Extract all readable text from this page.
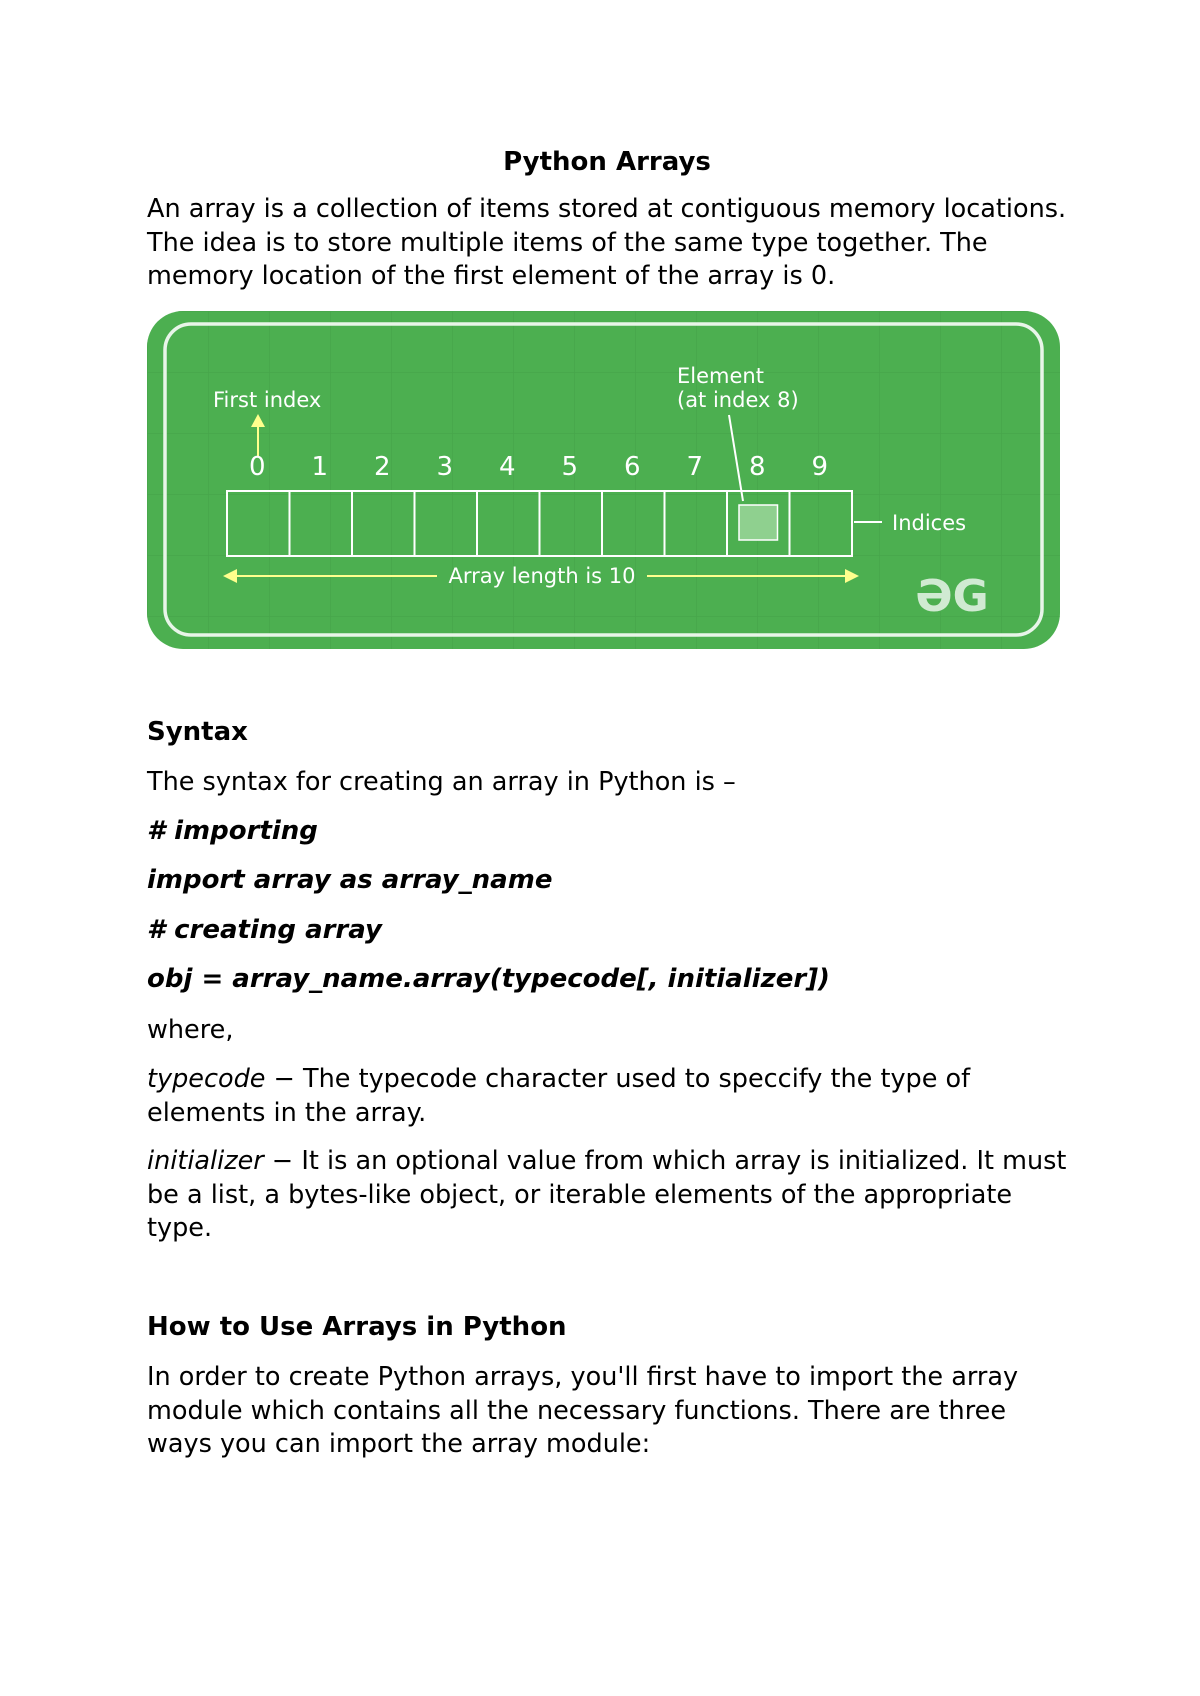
Python Arrays

An array is a collection of items stored at contiguous memory locations. The idea is to store multiple items of the same type together. The memory location of the first element of the array is 0.

First index
Element
(at index 8)
0 1 2 3 4 5 6 7 8 9
Indices
Array length is 10	ƏG

Syntax

The syntax for creating an array in Python is –

# importing

import array as array_name

# creating array

obj = array_name.array(typecode[, initializer])

where,

typecode − The typecode character used to speccify the type of elements in the array.

initializer − It is an optional value from which array is initialized. It must be a list, a bytes-like object, or iterable elements of the appropriate type.

How to Use Arrays in Python

In order to create Python arrays, you'll first have to import the array module which contains all the necessary functions. There are three ways you can import the array module:
